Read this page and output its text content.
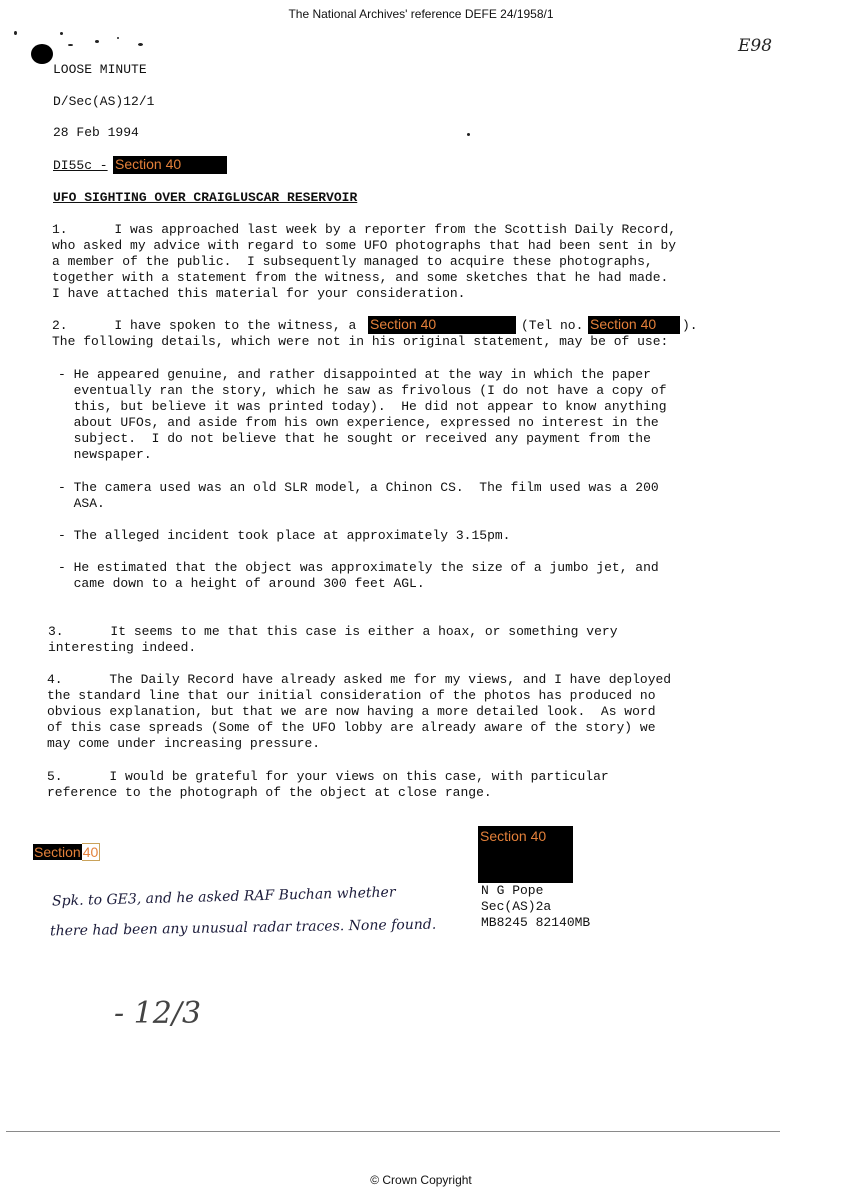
The National Archives' reference DEFE 24/1958/1
E98
LOOSE MINUTE
D/Sec(AS)12/1
28 Feb 1994
DI55c - Section 40
UFO SIGHTING OVER CRAIGLUSCAR RESERVOIR
1.      I was approached last week by a reporter from the Scottish Daily Record,
who asked my advice with regard to some UFO photographs that had been sent in by
a member of the public.  I subsequently managed to acquire these photographs,
together with a statement from the witness, and some sketches that he had made.
I have attached this material for your consideration.
2.      I have spoken to the witness, a Section 40	(Tel no. Section 40	).
The following details, which were not in his original statement, may be of use:
- He appeared genuine, and rather disappointed at the way in which the paper
eventually ran the story, which he saw as frivolous (I do not have a copy of
this, but believe it was printed today).  He did not appear to know anything
about UFOs, and aside from his own experience, expressed no interest in the
subject.  I do not believe that he sought or received any payment from the
newspaper.
- The camera used was an old SLR model, a Chinon CS.  The film used was a 200
ASA.
- The alleged incident took place at approximately 3.15pm.
- He estimated that the object was approximately the size of a jumbo jet, and
came down to a height of around 300 feet AGL.
3.      It seems to me that this case is either a hoax, or something very
interesting indeed.
4.      The Daily Record have already asked me for my views, and I have deployed
the standard line that our initial consideration of the photos has produced no
obvious explanation, but that we are now having a more detailed look.  As word
of this case spreads (Some of the UFO lobby are already aware of the story) we
may come under increasing pressure.
5.      I would be grateful for your views on this case, with particular
reference to the photograph of the object at close range.
Section 40
Section 40
N G Pope
Sec(AS)2a
MB8245 82140MB
Spk. to GE3, and he asked RAF Buchan whether
there had been any unusual radar traces. None found.
- 12/3
© Crown Copyright
